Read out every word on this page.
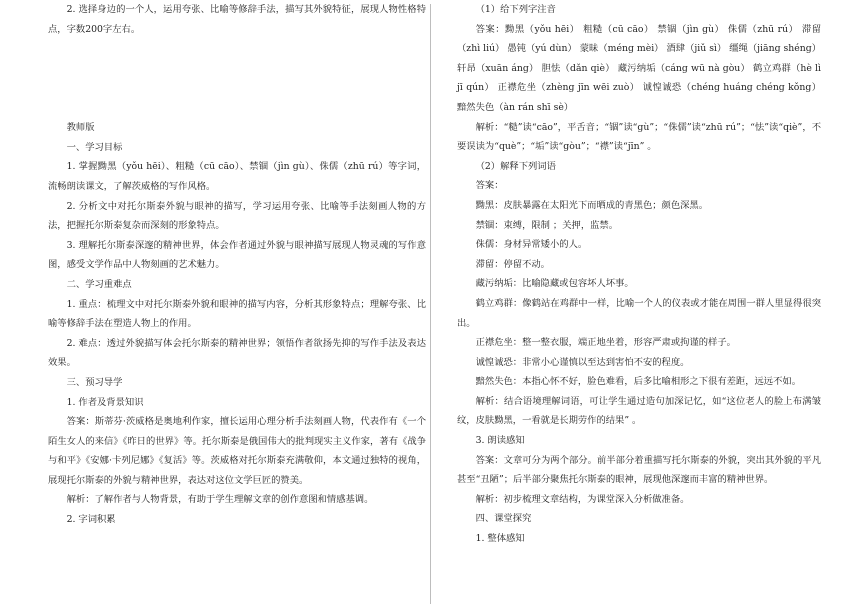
2. 选择身边的一个人，运用夸张、比喻等修辞手法，描写其外貌特征，展现人物性格特点，字数200字左右。

教师版

一、学习目标

1. 掌握黝黑（yǒu hēi）、粗糙（cū cāo）、禁锢（jìn gù）、侏儒（zhū rú）等字词，流畅朗读课文，了解茨威格的写作风格。

2. 分析文中对托尔斯泰外貌与眼神的描写，学习运用夸张、比喻等手法刻画人物的方法，把握托尔斯泰复杂而深刻的形象特点。

3. 理解托尔斯泰深邃的精神世界，体会作者通过外貌与眼神描写展现人物灵魂的写作意图，感受文学作品中人物刻画的艺术魅力。

二、学习重难点

1. 重点：梳理文中对托尔斯泰外貌和眼神的描写内容，分析其形象特点；理解夸张、比喻等修辞手法在塑造人物上的作用。

2. 难点：透过外貌描写体会托尔斯泰的精神世界；领悟作者欲扬先抑的写作手法及表达效果。

三、预习导学

1. 作者及背景知识

答案：斯蒂芬·茨威格是奥地利作家，擅长运用心理分析手法刻画人物，代表作有《一个陌生女人的来信》《昨日的世界》等。托尔斯泰是俄国伟大的批判现实主义作家，著有《战争与和平》《安娜·卡列尼娜》《复活》等。茨威格对托尔斯泰充满敬仰，本文通过独特的视角，展现托尔斯泰的外貌与精神世界，表达对这位文学巨匠的赞美。

解析：了解作者与人物背景，有助于学生理解文章的创作意图和情感基调。

2. 字词积累

（1）给下列字注音

答案：黝黑（yǒu hēi） 粗糙（cū cāo） 禁锢（jìn gù） 侏儒（zhū rú） 滞留（zhì liú） 愚钝（yú dùn） 蒙昧（méng mèi） 酒肆（jiǔ sì） 缰绳（jiāng shéng） 轩昂（xuān áng） 胆怯（dǎn qiè） 藏污纳垢（cáng wū nà gòu） 鹤立鸡群（hè lì jī qún） 正襟危坐（zhèng jīn wēi zuò） 诚惶诚恐（chéng huáng chéng kǒng） 黯然失色（àn rán shī sè）

解析：“糙”读“cāo”，平舌音；“锢”读“gù”；“侏儒”读“zhū rú”；“怯”读“qiè”，不要误读为“què”；“垢”读“gòu”；“襟”读“jīn” 。

（2）解释下列词语

答案：

黝黑：皮肤暴露在太阳光下而晒成的青黑色；颜色深黑。

禁锢：束缚，限制 ；关押，监禁。

侏儒：身材异常矮小的人。

滞留：停留不动。

藏污纳垢：比喻隐藏或包容坏人坏事。

鹤立鸡群：像鹤站在鸡群中一样，比喻一个人的仪表或才能在周围一群人里显得很突出。

正襟危坐：整一整衣服，端正地坐着，形容严肃或拘谨的样子。

诚惶诚恐：非常小心谨慎以至达到害怕不安的程度。

黯然失色：本指心怀不好，脸色难看，后多比喻相形之下很有差距，远远不如。

解析：结合语境理解词语，可让学生通过造句加深记忆，如“这位老人的脸上布满皱纹，皮肤黝黑，一看就是长期劳作的结果” 。

3. 朗读感知

答案：文章可分为两个部分。前半部分着重描写托尔斯泰的外貌，突出其外貌的平凡甚至“丑陋”；后半部分聚焦托尔斯泰的眼神，展现他深邃而丰富的精神世界。

解析：初步梳理文章结构，为课堂深入分析做准备。

四、课堂探究

1. 整体感知
